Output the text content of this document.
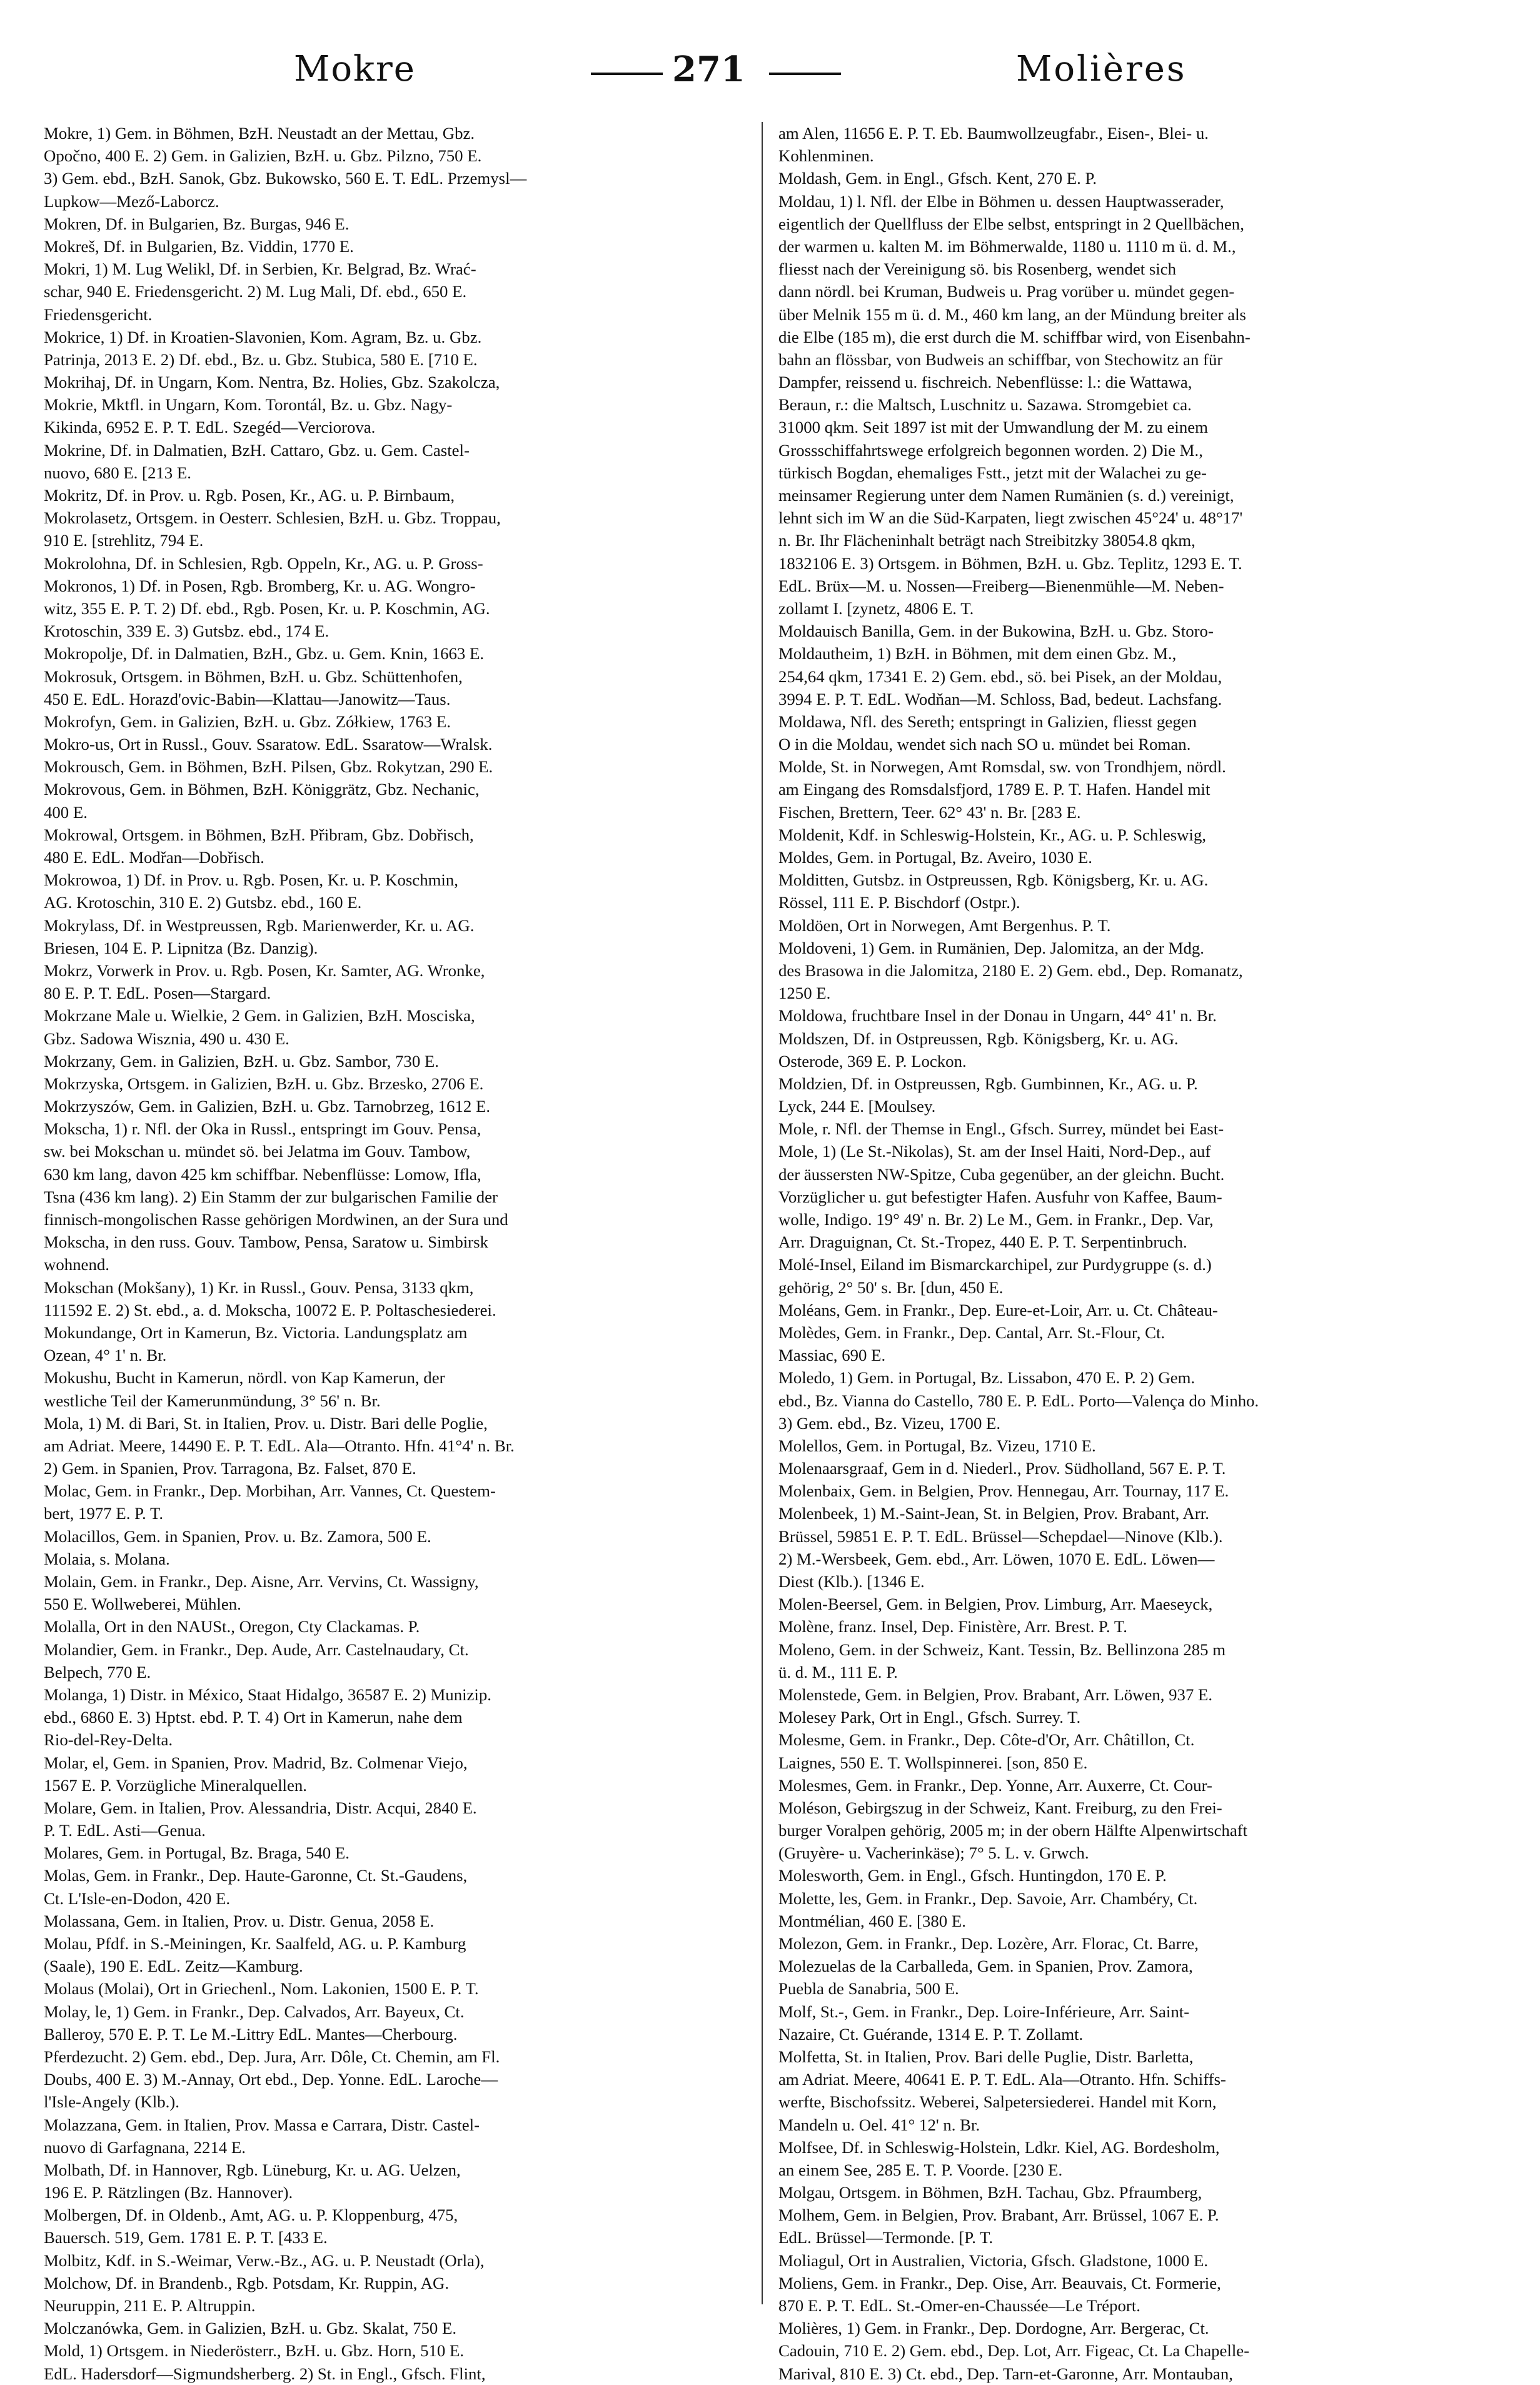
Mokre	271	Molières
Mokre, 1) Gem. in Böhmen, BzH. Neustadt an der Mettau, Gbz.
Opočno, 400 E. 2) Gem. in Galizien, BzH. u. Gbz. Pilzno, 750 E.
3) Gem. ebd., BzH. Sanok, Gbz. Bukowsko, 560 E. T. EdL. Przemysl—
Lupkow—Mező-Laborcz.
Mokren, Df. in Bulgarien, Bz. Burgas, 946 E.
Mokreš, Df. in Bulgarien, Bz. Viddin, 1770 E.
Mokri, 1) M. Lug Welikl, Df. in Serbien, Kr. Belgrad, Bz. Wrać-
schar, 940 E. Friedensgericht. 2) M. Lug Mali, Df. ebd., 650 E.
Friedensgericht.
Mokrice, 1) Df. in Kroatien-Slavonien, Kom. Agram, Bz. u. Gbz.
Patrinja, 2013 E. 2) Df. ebd., Bz. u. Gbz. Stubica, 580 E. [710 E.
Mokrihaj, Df. in Ungarn, Kom. Nentra, Bz. Holies, Gbz. Szakolcza,
Mokrie, Mktfl. in Ungarn, Kom. Torontál, Bz. u. Gbz. Nagy-
Kikinda, 6952 E. P. T. EdL. Szegéd—Verciorova.
Mokrine, Df. in Dalmatien, BzH. Cattaro, Gbz. u. Gem. Castel-
nuovo, 680 E. [213 E.
Mokritz, Df. in Prov. u. Rgb. Posen, Kr., AG. u. P. Birnbaum,
Mokrolasetz, Ortsgem. in Oesterr. Schlesien, BzH. u. Gbz. Troppau,
910 E. [strehlitz, 794 E.
Mokrolohna, Df. in Schlesien, Rgb. Oppeln, Kr., AG. u. P. Gross-
Mokronos, 1) Df. in Posen, Rgb. Bromberg, Kr. u. AG. Wongro-
witz, 355 E. P. T. 2) Df. ebd., Rgb. Posen, Kr. u. P. Koschmin, AG.
Krotoschin, 339 E. 3) Gutsbz. ebd., 174 E.
Mokropolje, Df. in Dalmatien, BzH., Gbz. u. Gem. Knin, 1663 E.
Mokrosuk, Ortsgem. in Böhmen, BzH. u. Gbz. Schüttenhofen,
450 E. EdL. Horazd'ovic-Babin—Klattau—Janowitz—Taus.
Mokrofyn, Gem. in Galizien, BzH. u. Gbz. Zółkiew, 1763 E.
Mokro-us, Ort in Russl., Gouv. Ssaratow. EdL. Ssaratow—Wralsk.
Mokrousch, Gem. in Böhmen, BzH. Pilsen, Gbz. Rokytzan, 290 E.
Mokrovous, Gem. in Böhmen, BzH. Königgrätz, Gbz. Nechanic,
400 E.
Mokrowal, Ortsgem. in Böhmen, BzH. Přibram, Gbz. Dobřisch,
480 E. EdL. Modřan—Dobřisch.
Mokrowoa, 1) Df. in Prov. u. Rgb. Posen, Kr. u. P. Koschmin,
AG. Krotoschin, 310 E. 2) Gutsbz. ebd., 160 E.
Mokrylass, Df. in Westpreussen, Rgb. Marienwerder, Kr. u. AG.
Briesen, 104 E. P. Lipnitza (Bz. Danzig).
Mokrz, Vorwerk in Prov. u. Rgb. Posen, Kr. Samter, AG. Wronke,
80 E. P. T. EdL. Posen—Stargard.
Mokrzane Male u. Wielkie, 2 Gem. in Galizien, BzH. Mosciska,
Gbz. Sadowa Wisznia, 490 u. 430 E.
Mokrzany, Gem. in Galizien, BzH. u. Gbz. Sambor, 730 E.
Mokrzyska, Ortsgem. in Galizien, BzH. u. Gbz. Brzesko, 2706 E.
Mokrzyszów, Gem. in Galizien, BzH. u. Gbz. Tarnobrzeg, 1612 E.
Mokscha, 1) r. Nfl. der Oka in Russl., entspringt im Gouv. Pensa,
sw. bei Mokschan u. mündet sö. bei Jelatma im Gouv. Tambow,
630 km lang, davon 425 km schiffbar. Nebenflüsse: Lomow, Ifla,
Tsna (436 km lang). 2) Ein Stamm der zur bulgarischen Familie der
finnisch-mongolischen Rasse gehörigen Mordwinen, an der Sura und
Mokscha, in den russ. Gouv. Tambow, Pensa, Saratow u. Simbirsk
wohnend.
Mokschan (Mokšany), 1) Kr. in Russl., Gouv. Pensa, 3133 qkm,
111592 E. 2) St. ebd., a. d. Mokscha, 10072 E. P. Poltaschesiederei.
Mokundange, Ort in Kamerun, Bz. Victoria. Landungsplatz am
Ozean, 4° 1' n. Br.
Mokushu, Bucht in Kamerun, nördl. von Kap Kamerun, der
westliche Teil der Kamerunmündung, 3° 56' n. Br.
Mola, 1) M. di Bari, St. in Italien, Prov. u. Distr. Bari delle Poglie,
am Adriat. Meere, 14490 E. P. T. EdL. Ala—Otranto. Hfn. 41°4' n. Br.
2) Gem. in Spanien, Prov. Tarragona, Bz. Falset, 870 E.
Molac, Gem. in Frankr., Dep. Morbihan, Arr. Vannes, Ct. Questem-
bert, 1977 E. P. T.
Molacillos, Gem. in Spanien, Prov. u. Bz. Zamora, 500 E.
Molaia, s. Molana.
Molain, Gem. in Frankr., Dep. Aisne, Arr. Vervins, Ct. Wassigny,
550 E. Wollweberei, Mühlen.
Molalla, Ort in den NAUSt., Oregon, Cty Clackamas. P.
Molandier, Gem. in Frankr., Dep. Aude, Arr. Castelnaudary, Ct.
Belpech, 770 E.
Molanga, 1) Distr. in México, Staat Hidalgo, 36587 E. 2) Munizip.
ebd., 6860 E. 3) Hptst. ebd. P. T. 4) Ort in Kamerun, nahe dem
Rio-del-Rey-Delta.
Molar, el, Gem. in Spanien, Prov. Madrid, Bz. Colmenar Viejo,
1567 E. P. Vorzügliche Mineralquellen.
Molare, Gem. in Italien, Prov. Alessandria, Distr. Acqui, 2840 E.
P. T. EdL. Asti—Genua.
Molares, Gem. in Portugal, Bz. Braga, 540 E.
Molas, Gem. in Frankr., Dep. Haute-Garonne, Ct. St.-Gaudens,
Ct. L'Isle-en-Dodon, 420 E.
Molassana, Gem. in Italien, Prov. u. Distr. Genua, 2058 E.
Molau, Pfdf. in S.-Meiningen, Kr. Saalfeld, AG. u. P. Kamburg
(Saale), 190 E. EdL. Zeitz—Kamburg.
Molaus (Molai), Ort in Griechenl., Nom. Lakonien, 1500 E. P. T.
Molay, le, 1) Gem. in Frankr., Dep. Calvados, Arr. Bayeux, Ct.
Balleroy, 570 E. P. T. Le M.-Littry EdL. Mantes—Cherbourg.
Pferdezucht. 2) Gem. ebd., Dep. Jura, Arr. Dôle, Ct. Chemin, am Fl.
Doubs, 400 E. 3) M.-Annay, Ort ebd., Dep. Yonne. EdL. Laroche—
l'Isle-Angely (Klb.).
Molazzana, Gem. in Italien, Prov. Massa e Carrara, Distr. Castel-
nuovo di Garfagnana, 2214 E.
Molbath, Df. in Hannover, Rgb. Lüneburg, Kr. u. AG. Uelzen,
196 E. P. Rätzlingen (Bz. Hannover).
Molbergen, Df. in Oldenb., Amt, AG. u. P. Kloppenburg, 475,
Bauersch. 519, Gem. 1781 E. P. T. [433 E.
Molbitz, Kdf. in S.-Weimar, Verw.-Bz., AG. u. P. Neustadt (Orla),
Molchow, Df. in Brandenb., Rgb. Potsdam, Kr. Ruppin, AG.
Neuruppin, 211 E. P. Altruppin.
Molczanówka, Gem. in Galizien, BzH. u. Gbz. Skalat, 750 E.
Mold, 1) Ortsgem. in Niederösterr., BzH. u. Gbz. Horn, 510 E.
EdL. Hadersdorf—Sigmundsherberg. 2) St. in Engl., Gfsch. Flint,
am Alen, 11656 E. P. T. Eb. Baumwollzeugfabr., Eisen-, Blei- u.
Kohlenminen.
Moldash, Gem. in Engl., Gfsch. Kent, 270 E. P.
Moldau, 1) l. Nfl. der Elbe in Böhmen u. dessen Hauptwasserader,
eigentlich der Quellfluss der Elbe selbst, entspringt in 2 Quellbächen,
der warmen u. kalten M. im Böhmerwalde, 1180 u. 1110 m ü. d. M.,
fliesst nach der Vereinigung sö. bis Rosenberg, wendet sich
dann nördl. bei Kruman, Budweis u. Prag vorüber u. mündet gegen-
über Melnik 155 m ü. d. M., 460 km lang, an der Mündung breiter als
die Elbe (185 m), die erst durch die M. schiffbar wird, von Eisenbahn-
bahn an flössbar, von Budweis an schiffbar, von Stechowitz an für
Dampfer, reissend u. fischreich. Nebenflüsse: l.: die Wattawa,
Beraun, r.: die Maltsch, Luschnitz u. Sazawa. Stromgebiet ca.
31000 qkm. Seit 1897 ist mit der Umwandlung der M. zu einem
Grossschiffahrtswege erfolgreich begonnen worden. 2) Die M.,
türkisch Bogdan, ehemaliges Fstt., jetzt mit der Walachei zu ge-
meinsamer Regierung unter dem Namen Rumänien (s. d.) vereinigt,
lehnt sich im W an die Süd-Karpaten, liegt zwischen 45°24' u. 48°17'
n. Br. Ihr Flächeninhalt beträgt nach Streibitzky 38054.8 qkm,
1832106 E. 3) Ortsgem. in Böhmen, BzH. u. Gbz. Teplitz, 1293 E. T.
EdL. Brüx—M. u. Nossen—Freiberg—Bienenmühle—M. Neben-
zollamt I. [zynetz, 4806 E. T.
Moldauisch Banilla, Gem. in der Bukowina, BzH. u. Gbz. Storo-
Moldautheim, 1) BzH. in Böhmen, mit dem einen Gbz. M.,
254,64 qkm, 17341 E. 2) Gem. ebd., sö. bei Pisek, an der Moldau,
3994 E. P. T. EdL. Wodňan—M. Schloss, Bad, bedeut. Lachsfang.
Moldawa, Nfl. des Sereth; entspringt in Galizien, fliesst gegen
O in die Moldau, wendet sich nach SO u. mündet bei Roman.
Molde, St. in Norwegen, Amt Romsdal, sw. von Trondhjem, nördl.
am Eingang des Romsdalsfjord, 1789 E. P. T. Hafen. Handel mit
Fischen, Brettern, Teer. 62° 43' n. Br. [283 E.
Moldenit, Kdf. in Schleswig-Holstein, Kr., AG. u. P. Schleswig,
Moldes, Gem. in Portugal, Bz. Aveiro, 1030 E.
Molditten, Gutsbz. in Ostpreussen, Rgb. Königsberg, Kr. u. AG.
Rössel, 111 E. P. Bischdorf (Ostpr.).
Moldöen, Ort in Norwegen, Amt Bergenhus. P. T.
Moldoveni, 1) Gem. in Rumänien, Dep. Jalomitza, an der Mdg.
des Brasowa in die Jalomitza, 2180 E. 2) Gem. ebd., Dep. Romanatz,
1250 E.
Moldowa, fruchtbare Insel in der Donau in Ungarn, 44° 41' n. Br.
Moldszen, Df. in Ostpreussen, Rgb. Königsberg, Kr. u. AG.
Osterode, 369 E. P. Lockon.
Moldzien, Df. in Ostpreussen, Rgb. Gumbinnen, Kr., AG. u. P.
Lyck, 244 E. [Moulsey.
Mole, r. Nfl. der Themse in Engl., Gfsch. Surrey, mündet bei East-
Mole, 1) (Le St.-Nikolas), St. am der Insel Haiti, Nord-Dep., auf
der äussersten NW-Spitze, Cuba gegenüber, an der gleichn. Bucht.
Vorzüglicher u. gut befestigter Hafen. Ausfuhr von Kaffee, Baum-
wolle, Indigo. 19° 49' n. Br. 2) Le M., Gem. in Frankr., Dep. Var,
Arr. Draguignan, Ct. St.-Tropez, 440 E. P. T. Serpentinbruch.
Molé-Insel, Eiland im Bismarckarchipel, zur Purdygruppe (s. d.)
gehörig, 2° 50' s. Br. [dun, 450 E.
Moléans, Gem. in Frankr., Dep. Eure-et-Loir, Arr. u. Ct. Château-
Molèdes, Gem. in Frankr., Dep. Cantal, Arr. St.-Flour, Ct.
Massiac, 690 E.
Moledo, 1) Gem. in Portugal, Bz. Lissabon, 470 E. P. 2) Gem.
ebd., Bz. Vianna do Castello, 780 E. P. EdL. Porto—Valença do Minho.
3) Gem. ebd., Bz. Vizeu, 1700 E.
Molellos, Gem. in Portugal, Bz. Vizeu, 1710 E.
Molenaarsgraaf, Gem in d. Niederl., Prov. Südholland, 567 E. P. T.
Molenbaix, Gem. in Belgien, Prov. Hennegau, Arr. Tournay, 117 E.
Molenbeek, 1) M.-Saint-Jean, St. in Belgien, Prov. Brabant, Arr.
Brüssel, 59851 E. P. T. EdL. Brüssel—Schepdael—Ninove (Klb.).
2) M.-Wersbeek, Gem. ebd., Arr. Löwen, 1070 E. EdL. Löwen—
Diest (Klb.). [1346 E.
Molen-Beersel, Gem. in Belgien, Prov. Limburg, Arr. Maeseyck,
Molène, franz. Insel, Dep. Finistère, Arr. Brest. P. T.
Moleno, Gem. in der Schweiz, Kant. Tessin, Bz. Bellinzona 285 m
ü. d. M., 111 E. P.
Molenstede, Gem. in Belgien, Prov. Brabant, Arr. Löwen, 937 E.
Molesey Park, Ort in Engl., Gfsch. Surrey. T.
Molesme, Gem. in Frankr., Dep. Côte-d'Or, Arr. Châtillon, Ct.
Laignes, 550 E. T. Wollspinnerei. [son, 850 E.
Molesmes, Gem. in Frankr., Dep. Yonne, Arr. Auxerre, Ct. Cour-
Moléson, Gebirgszug in der Schweiz, Kant. Freiburg, zu den Frei-
burger Voralpen gehörig, 2005 m; in der obern Hälfte Alpenwirtschaft
(Gruyère- u. Vacherinkäse); 7° 5. L. v. Grwch.
Molesworth, Gem. in Engl., Gfsch. Huntingdon, 170 E. P.
Molette, les, Gem. in Frankr., Dep. Savoie, Arr. Chambéry, Ct.
Montmélian, 460 E. [380 E.
Molezon, Gem. in Frankr., Dep. Lozère, Arr. Florac, Ct. Barre,
Molezuelas de la Carballeda, Gem. in Spanien, Prov. Zamora,
Puebla de Sanabria, 500 E.
Molf, St.-, Gem. in Frankr., Dep. Loire-Inférieure, Arr. Saint-
Nazaire, Ct. Guérande, 1314 E. P. T. Zollamt.
Molfetta, St. in Italien, Prov. Bari delle Puglie, Distr. Barletta,
am Adriat. Meere, 40641 E. P. T. EdL. Ala—Otranto. Hfn. Schiffs-
werfte, Bischofssitz. Weberei, Salpetersiederei. Handel mit Korn,
Mandeln u. Oel. 41° 12' n. Br.
Molfsee, Df. in Schleswig-Holstein, Ldkr. Kiel, AG. Bordesholm,
an einem See, 285 E. T. P. Voorde. [230 E.
Molgau, Ortsgem. in Böhmen, BzH. Tachau, Gbz. Pfraumberg,
Molhem, Gem. in Belgien, Prov. Brabant, Arr. Brüssel, 1067 E. P.
EdL. Brüssel—Termonde. [P. T.
Moliagul, Ort in Australien, Victoria, Gfsch. Gladstone, 1000 E.
Moliens, Gem. in Frankr., Dep. Oise, Arr. Beauvais, Ct. Formerie,
870 E. P. T. EdL. St.-Omer-en-Chaussée—Le Tréport.
Molières, 1) Gem. in Frankr., Dep. Dordogne, Arr. Bergerac, Ct.
Cadouin, 710 E. 2) Gem. ebd., Dep. Lot, Arr. Figeac, Ct. La Chapelle-
Marival, 810 E. 3) Ct. ebd., Dep. Tarn-et-Garonne, Arr. Montauban,
